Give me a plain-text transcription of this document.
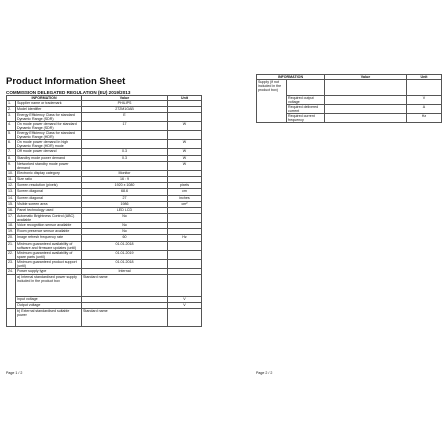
Product Information Sheet
COMMISSION DELEGATED REGULATION (EU) 2019/2013
INFORMATION		Value	Unit
1.	Supplier name or trademark	PHILIPS	
2.	Model identifier	272M1GAB	
3.	Energy Efficiency Class for standard Dynamic Range (SDR)	E	
4.	On mode power demand for standard Dynamic Range (SDR)	17	W
5.	Energy Efficiency Class for standard Dynamic Range (HDR)		
6.	On mode power demand in high Dynamic Range (HDR) mode		W
7.	Off mode power demand	0.3	W
8.	Standby mode power demand	0.3	W
9.	Networked standby mode power demand		W
10.	Electronic display category	Monitor	
11.	Size ratio	16 : 9	
12.	Screen resolution (pixels)	1920 x 1080	pixels
13.	Screen diagonal	68.6	cm
14.	Screen diagonal	27	inches
15.	Visible screen area	1986	cm²
16.	Panel technology used	LED LCD	
17.	Automatic Brightness Control (ABC) available	No	
18.	Voice recognition sensor available	No	
19.	Room presence sensor available	No	
20.	Image refresh frequency rate	60	Hz
21.	Minimum guaranteed availability of software and firmware updates (until)	01.01.2018	
22.	Minimum guaranteed availability of spare parts (until)	01.01.2019	
23.	Minimum guaranteed product support (until)	01.01.2018	
24.	Power supply type	Internal	
	a) Internal standardised power supply included in the product box	Standard name	
	Input voltage		V
	Output voltage		V
	b) External standardised suitable power	Standard name	
Page 1 / 2
INFORMATION		Value	Unit
Supply (if not included in the product box)			
	Required output voltage		V
	Required delivered current		A
	Required current frequency		Hz
Page 2 / 2
